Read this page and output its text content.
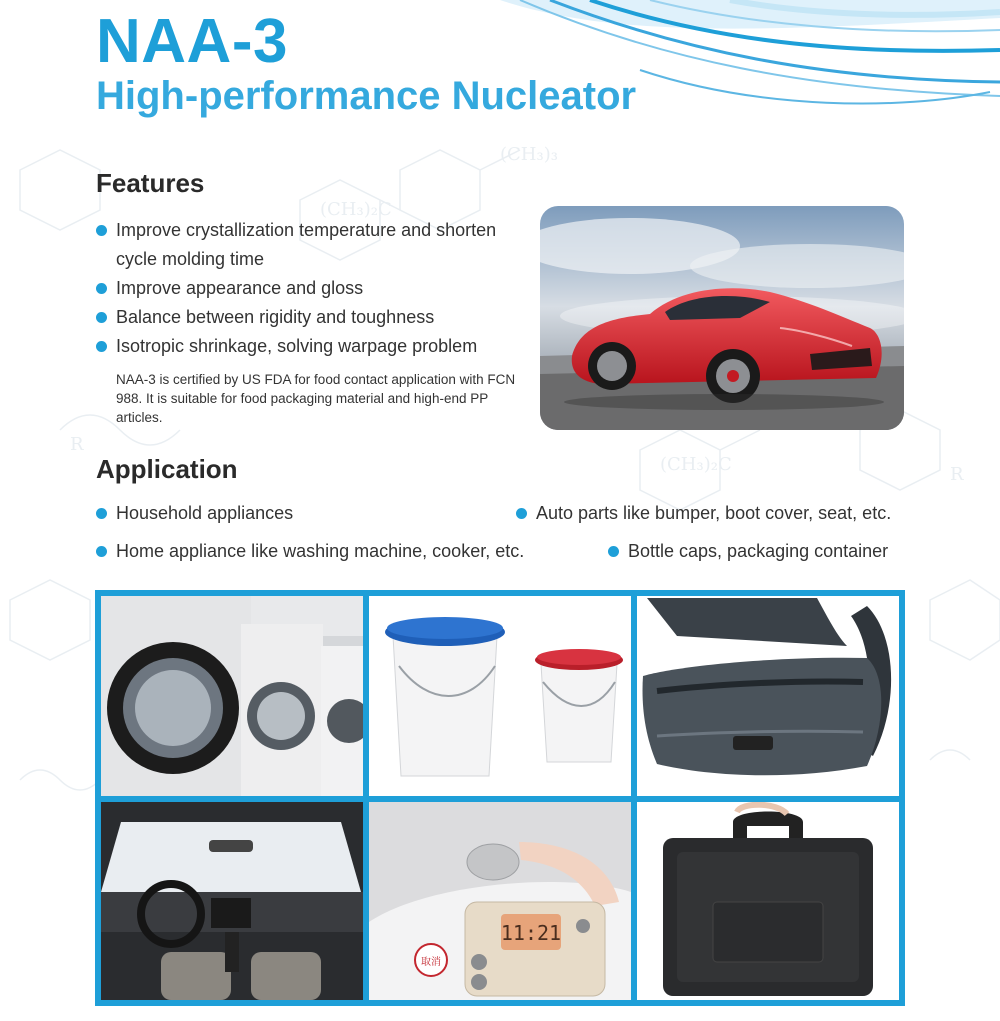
(CH₃)₃
(CH₃)₂C
(CH₃)₂C
R
R
NAA-3
High-performance Nucleator
Features
Improve crystallization temperature and shorten cycle molding time
Improve appearance and gloss
Balance between rigidity and toughness
Isotropic shrinkage, solving warpage problem

NAA-3 is certified by US FDA for food contact application with FCN 988. It is suitable for food packaging material and high-end PP articles.

Application
Household appliances	Auto parts like bumper, boot cover, seat, etc.
Home appliance like washing machine, cooker, etc.	Bottle caps, packaging container
11:21
取消
